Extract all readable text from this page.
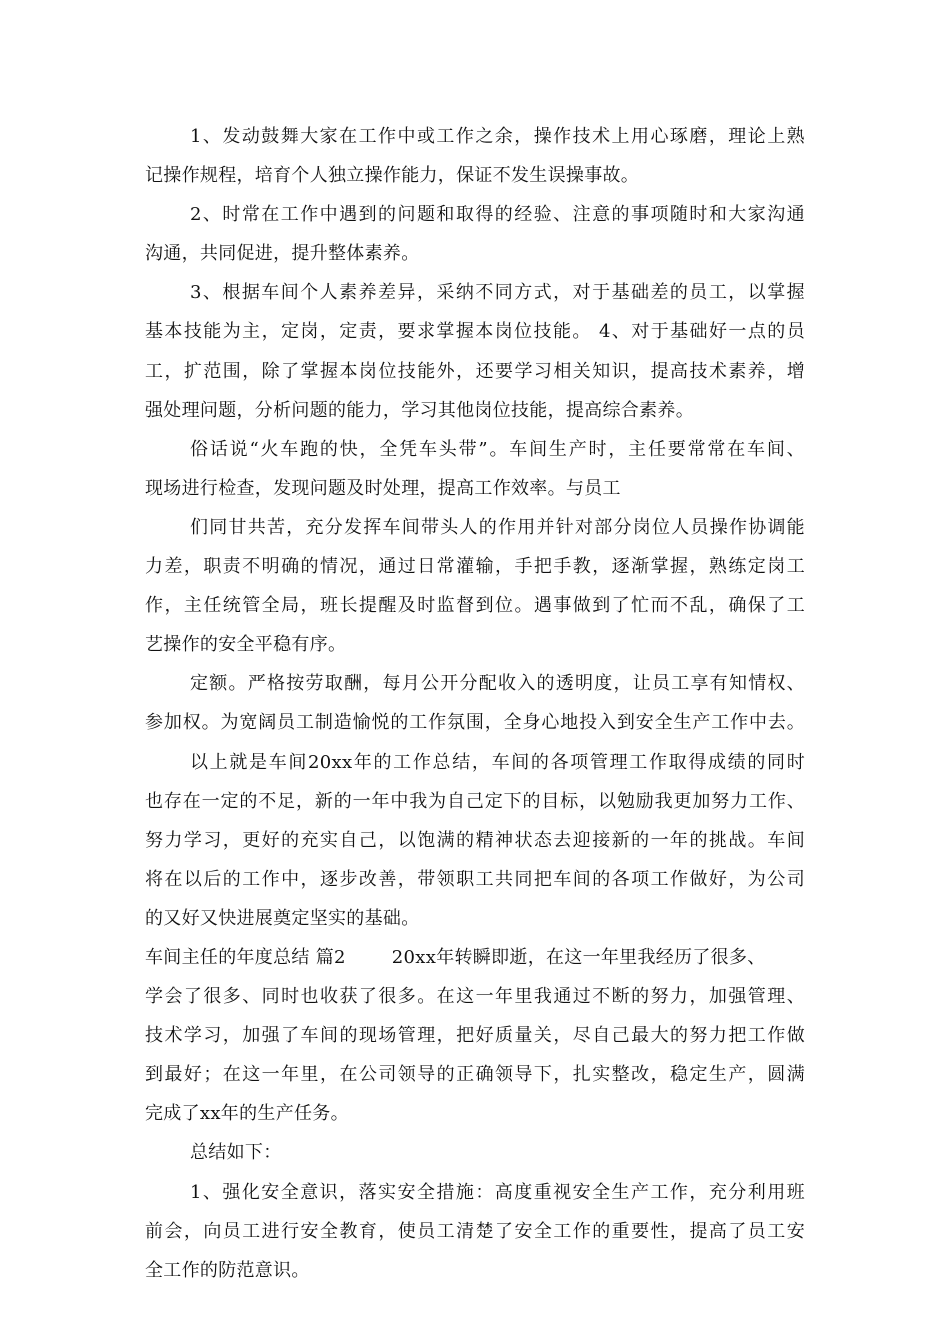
1、发动鼓舞大家在工作中或工作之余，操作技术上用心琢磨，理论上熟
记操作规程，培育个人独立操作能力，保证不发生误操事故。
2、时常在工作中遇到的问题和取得的经验、注意的事项随时和大家沟通
沟通，共同促进，提升整体素养。
3、根据车间个人素养差异，采纳不同方式，对于基础差的员工，以掌握
基本技能为主，定岗，定责，要求掌握本岗位技能。 4、对于基础好一点的员
工，扩范围，除了掌握本岗位技能外，还要学习相关知识，提高技术素养，增
强处理问题，分析问题的能力，学习其他岗位技能，提高综合素养。
俗话说“火车跑的快，全凭车头带”。车间生产时，主任要常常在车间、
现场进行检查，发现问题及时处理，提高工作效率。与员工
们同甘共苦，充分发挥车间带头人的作用并针对部分岗位人员操作协调能
力差，职责不明确的情况，通过日常灌输，手把手教，逐渐掌握，熟练定岗工
作，主任统管全局，班长提醒及时监督到位。遇事做到了忙而不乱，确保了工
艺操作的安全平稳有序。
定额。严格按劳取酬，每月公开分配收入的透明度，让员工享有知情权、
参加权。为宽阔员工制造愉悦的工作氛围，全身心地投入到安全生产工作中去。
以上就是车间20xx年的工作总结，车间的各项管理工作取得成绩的同时
也存在一定的不足，新的一年中我为自己定下的目标，以勉励我更加努力工作、
努力学习，更好的充实自己，以饱满的精神状态去迎接新的一年的挑战。车间
将在以后的工作中，逐步改善，带领职工共同把车间的各项工作做好，为公司
的又好又快进展奠定坚实的基础。
车间主任的年度总结 篇2	20xx年转瞬即逝，在这一年里我经历了很多、
学会了很多、同时也收获了很多。在这一年里我通过不断的努力，加强管理、
技术学习，加强了车间的现场管理，把好质量关，尽自己最大的努力把工作做
到最好；在这一年里，在公司领导的正确领导下，扎实整改，稳定生产，圆满
完成了xx年的生产任务。
总结如下：
1、强化安全意识，落实安全措施：高度重视安全生产工作，充分利用班
前会，向员工进行安全教育，使员工清楚了安全工作的重要性，提高了员工安
全工作的防范意识。
